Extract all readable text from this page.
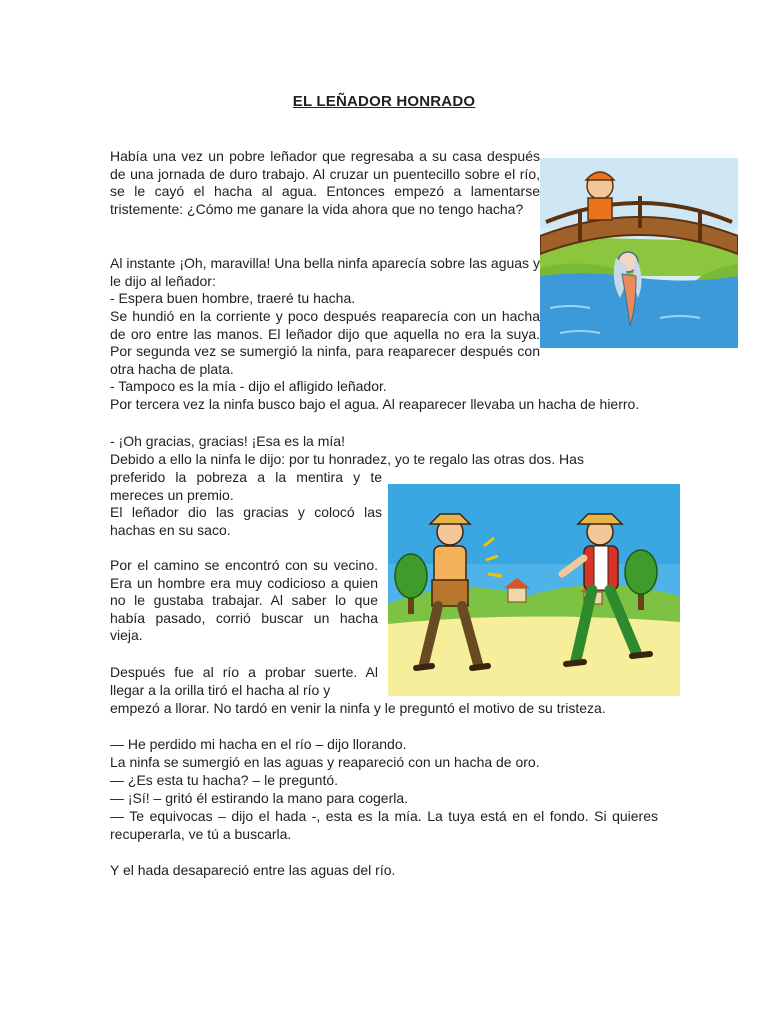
EL LEÑADOR HONRADO

Había una vez un pobre leñador que regresaba a su casa después de una jornada de duro trabajo. Al cruzar un puentecillo sobre el río, se le cayó el hacha al agua. Entonces empezó a lamentarse tristemente: ¿Cómo me ganare la vida ahora que no tengo hacha?

Al instante ¡Oh, maravilla! Una bella ninfa aparecía sobre las aguas y le dijo al leñador:

- Espera buen hombre, traeré tu hacha.

Se hundió en la corriente y poco después reaparecía con un hacha de oro entre las manos. El leñador dijo que aquella no era la suya. Por segunda vez se sumergió la ninfa, para reaparecer después con otra hacha de plata.

- Tampoco es la mía - dijo el afligido leñador.

Por tercera vez la ninfa busco bajo el agua. Al reaparecer llevaba un hacha de hierro.

- ¡Oh gracias, gracias! ¡Esa es la mía!
Debido a ello la ninfa le dijo: por tu honradez, yo te regalo las otras dos. Has

preferido la pobreza a la mentira y te mereces un premio.

El leñador dio las gracias y colocó las hachas en su saco.

Por el camino se encontró con su vecino. Era un hombre era muy codicioso a quien no le gustaba trabajar. Al saber lo que había pasado, corrió buscar un hacha vieja.

Después fue al río a probar suerte. Al llegar a la orilla tiró el hacha al río y

empezó a llorar. No tardó en venir la ninfa y le preguntó el motivo de su tristeza.

— He perdido mi hacha en el río – dijo llorando.
La ninfa se sumergió en las aguas y reapareció con un hacha de oro.
— ¿Es esta tu hacha? – le preguntó.
— ¡Sí! – gritó él estirando la mano para cogerla.

— Te equivocas – dijo el hada -, esta es la mía. La tuya está en el fondo. Si quieres recuperarla, ve tú a buscarla.

Y el hada desapareció entre las aguas del río.
